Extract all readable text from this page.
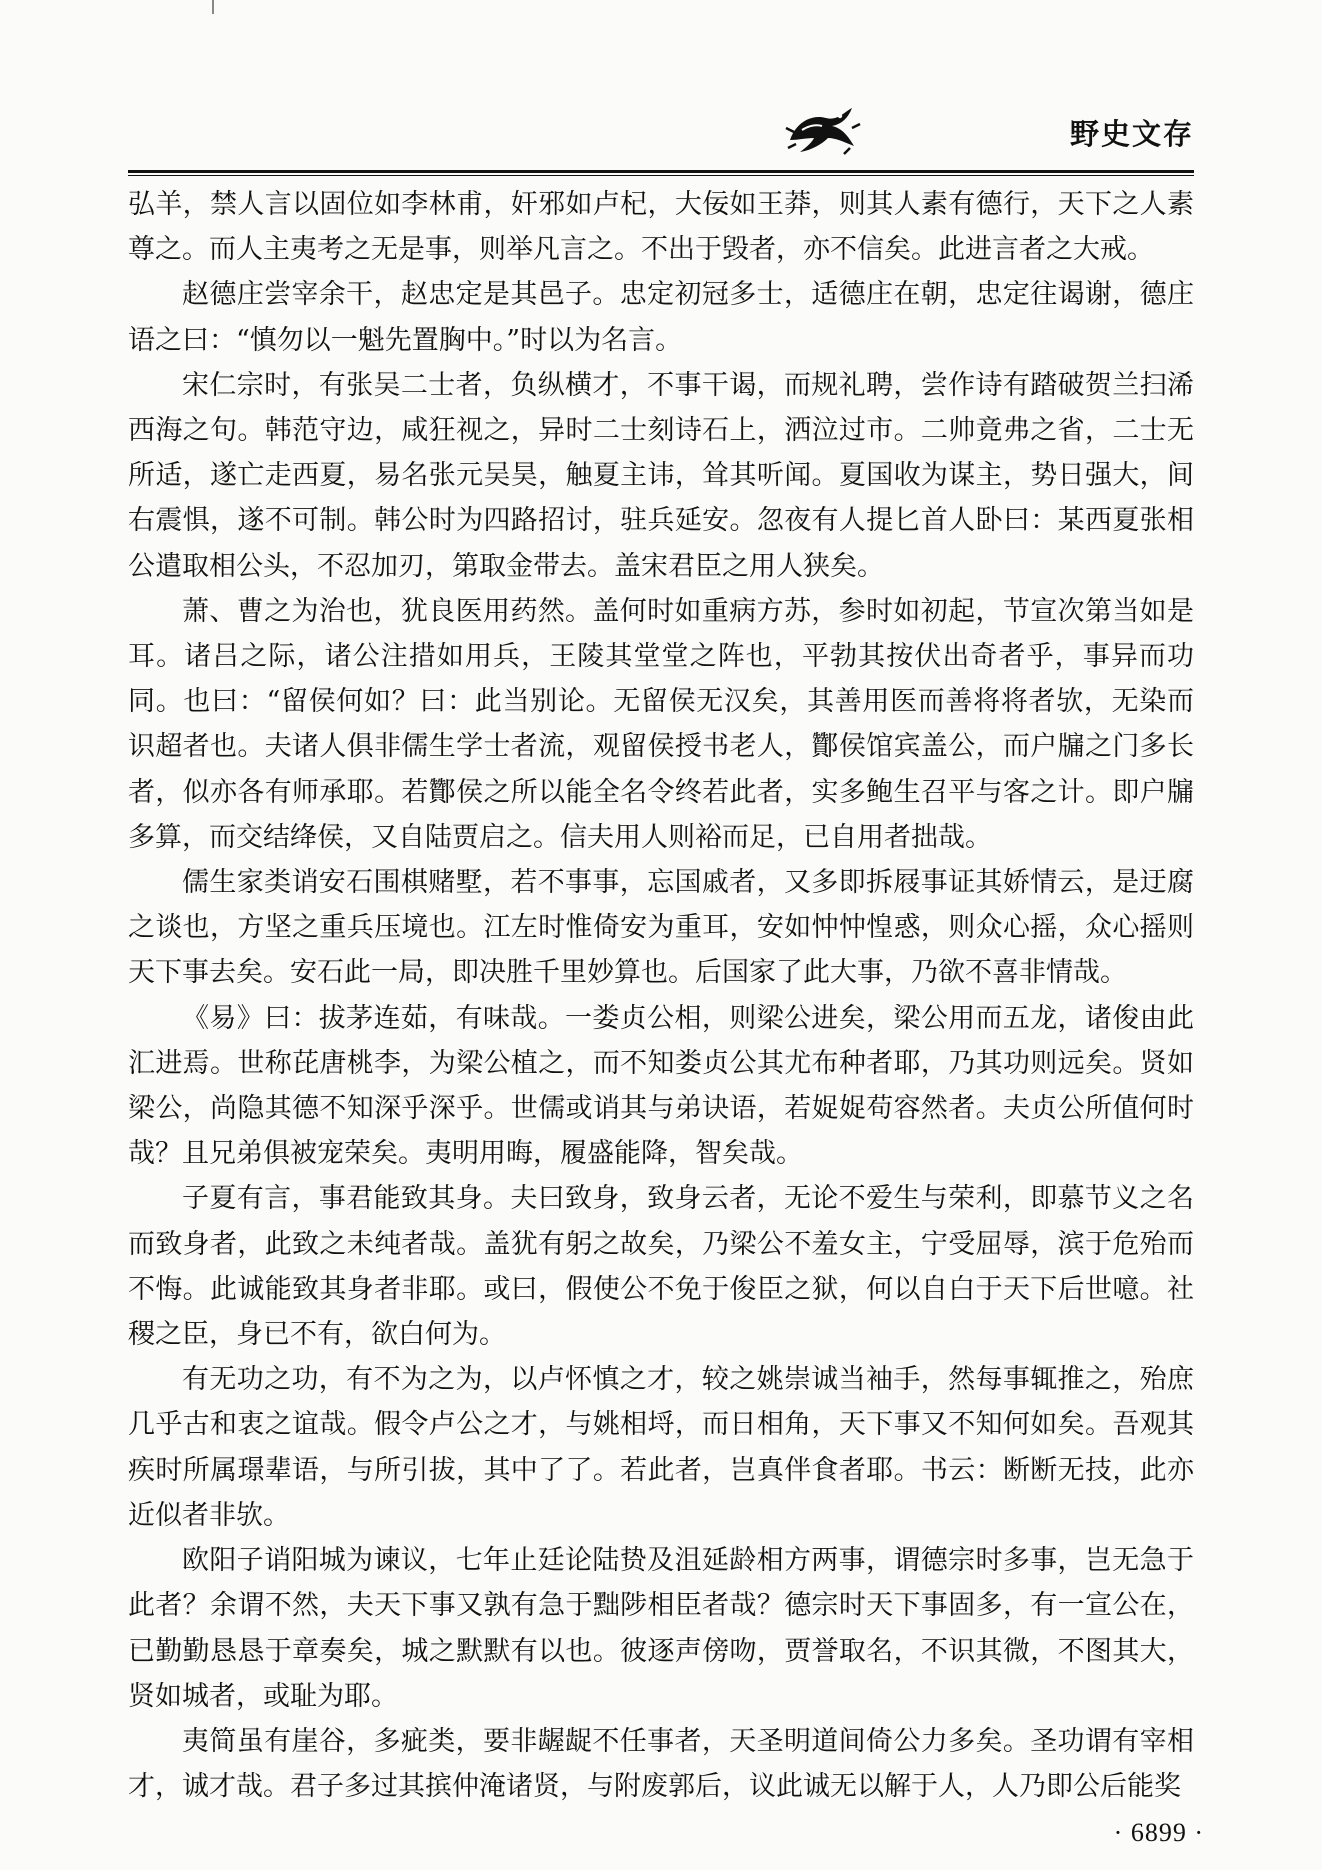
野史文存

弘羊，禁人言以固位如李林甫，奸邪如卢杞，大佞如王莽，则其人素有德行，天下之人素尊之。而人主夷考之无是事，则举凡言之。不出于毁者，亦不信矣。此进言者之大戒。

赵德庄尝宰余干，赵忠定是其邑子。忠定初冠多士，适德庄在朝，忠定往谒谢，德庄语之曰：“慎勿以一魁先置胸中。”时以为名言。

宋仁宗时，有张吴二士者，负纵横才，不事干谒，而规礼聘，尝作诗有踏破贺兰扫浠西海之句。韩范守边，咸狂视之，异时二士刻诗石上，洒泣过市。二帅竟弗之省，二士无所适，遂亡走西夏，易名张元吴昊，触夏主讳，耸其听闻。夏国收为谋主，势日强大，间右震惧，遂不可制。韩公时为四路招讨，驻兵延安。忽夜有人提匕首人卧曰：某西夏张相公遣取相公头，不忍加刃，第取金带去。盖宋君臣之用人狭矣。

萧、曹之为治也，犹良医用药然。盖何时如重病方苏，参时如初起，节宣次第当如是耳。诸吕之际，诸公注措如用兵，王陵其堂堂之阵也，平勃其按伏出奇者乎，事异而功同。也曰：“留侯何如？曰：此当别论。无留侯无汉矣，其善用医而善将将者欤，无染而识超者也。夫诸人俱非儒生学士者流，观留侯授书老人，酇侯馆宾盖公，而户牖之门多长者，似亦各有师承耶。若酇侯之所以能全名令终若此者，实多鲍生召平与客之计。即户牖多算，而交结绛侯，又自陆贾启之。信夫用人则裕而足，已自用者拙哉。

儒生家类诮安石围棋赌墅，若不事事，忘国戚者，又多即拆屐事证其娇情云，是迂腐之谈也，方坚之重兵压境也。江左时惟倚安为重耳，安如忡忡惶惑，则众心摇，众心摇则天下事去矣。安石此一局，即决胜千里妙算也。后国家了此大事，乃欲不喜非情哉。

《易》曰：拔茅连茹，有味哉。一娄贞公相，则梁公进矣，梁公用而五龙，诸俊由此汇进焉。世称芘唐桃李，为梁公植之，而不知娄贞公其尤布种者耶，乃其功则远矣。贤如梁公，尚隐其德不知深乎深乎。世儒或诮其与弟诀语，若娖娖苟容然者。夫贞公所值何时哉？且兄弟俱被宠荣矣。夷明用晦，履盛能降，智矣哉。

子夏有言，事君能致其身。夫曰致身，致身云者，无论不爱生与荣利，即慕节义之名而致身者，此致之未纯者哉。盖犹有躬之故矣，乃梁公不羞女主，宁受屈辱，滨于危殆而不悔。此诚能致其身者非耶。或曰，假使公不免于俊臣之狱，何以自白于天下后世噫。社稷之臣，身已不有，欲白何为。

有无功之功，有不为之为，以卢怀慎之才，较之姚崇诚当袖手，然每事辄推之，殆庶几乎古和衷之谊哉。假令卢公之才，与姚相埒，而日相角，天下事又不知何如矣。吾观其疾时所属璟辈语，与所引拔，其中了了。若此者，岂真伴食者耶。书云：断断无技，此亦近似者非欤。

欧阳子诮阳城为谏议，七年止廷论陆贽及沮延龄相方两事，谓德宗时多事，岂无急于此者？余谓不然，夫天下事又孰有急于黜陟相臣者哉？德宗时天下事固多，有一宣公在，已勤勤恳恳于章奏矣，城之默默有以也。彼逐声傍吻，贾誉取名，不识其微，不图其大，贤如城者，或耻为耶。

夷简虽有崖谷，多疵类，要非龌龊不任事者，天圣明道间倚公力多矣。圣功谓有宰相才，诚才哉。君子多过其摈仲淹诸贤，与附废郭后，议此诚无以解于人，人乃即公后能奖

· 6899 ·
